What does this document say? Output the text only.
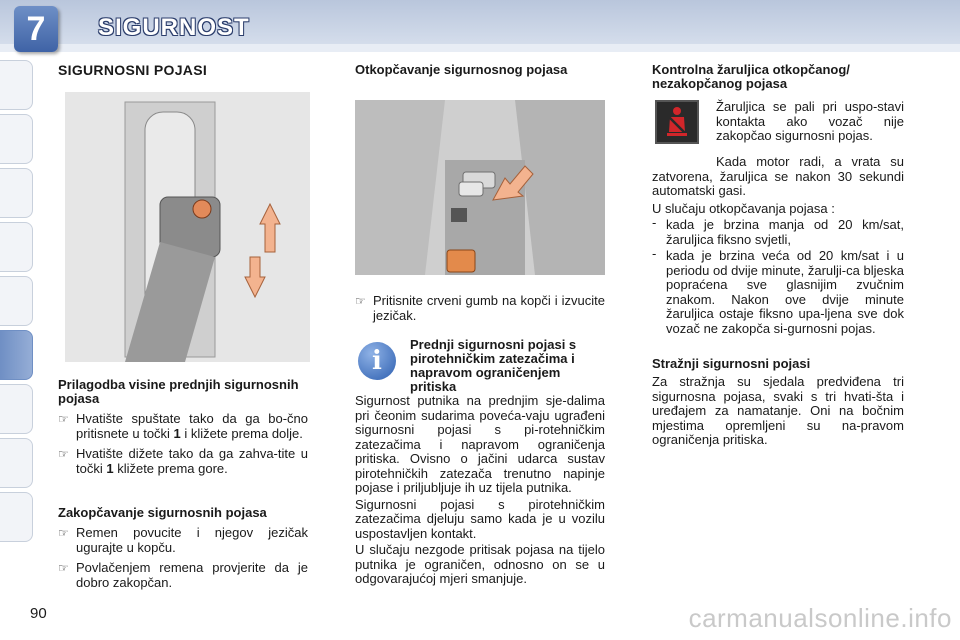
7	SIGURNOST
SIGURNOSNI POJASI
Prilagodba visine prednjih sigurnosnih pojasa
☞ Hvatište spuštate tako da ga bo-čno pritisnete u točki 1 i kližete prema dolje.
☞ Hvatište dižete tako da ga zahva-tite u točki 1 kližete prema gore.
Zakopčavanje sigurnosnih pojasa
☞ Remen povucite i njegov jezičak ugurajte u kopču.
☞ Povlačenjem remena provjerite da je dobro zakopčan.
Otkopčavanje sigurnosnog pojasa
☞ Pritisnite crveni gumb na kopči i izvucite jezičak.
i
Prednji sigurnosni pojasi s pirotehničkim zatezačima i napravom ograničenjem pritiska
Sigurnost putnika na prednjim sje-dalima pri čeonim sudarima poveća-vaju ugrađeni sigurnosni pojasi s pi-rotehničkim zatezačima i napravom ograničenja pritiska. Ovisno o jačini udarca sustav pirotehničkih zatezača trenutno napinje pojase i priljubljuje ih uz tijela putnika.
Sigurnosni pojasi s pirotehničkim zatezačima djeluju samo kada je u vozilu uspostavljen kontakt.
U slučaju nezgode pritisak pojasa na tijelo putnika je ograničen, odnosno on se u odgovarajućoj mjeri smanjuje.
Kontrolna žaruljica otkopčanog/ nezakopčanog pojasa
Žaruljica se pali pri uspo-stavi kontakta ako vozač nije zakopčao sigurnosni pojas.
Kada motor radi, a vrata su zatvorena, žaruljica se nakon 30 sekundi automatski gasi.
U slučaju otkopčavanja pojasa :
- kada je brzina manja od 20 km/sat, žaruljica fiksno svjetli,
- kada je brzina veća od 20 km/sat i u periodu od dvije minute, žarulji-ca bljeska popraćena sve glasnijim zvučnim znakom. Nakon ove dvije minute žaruljica ostaje fiksno upa-ljena sve dok vozač ne zakopča si-gurnosni pojas.
Stražnji sigurnosni pojasi
Za stražnja su sjedala predviđena tri sigurnosna pojasa, svaki s tri hvati-šta i uređajem za namatanje. Oni na bočnim mjestima opremljeni su na-pravom ograničenja pritiska.
90	carmanualsonline.info
